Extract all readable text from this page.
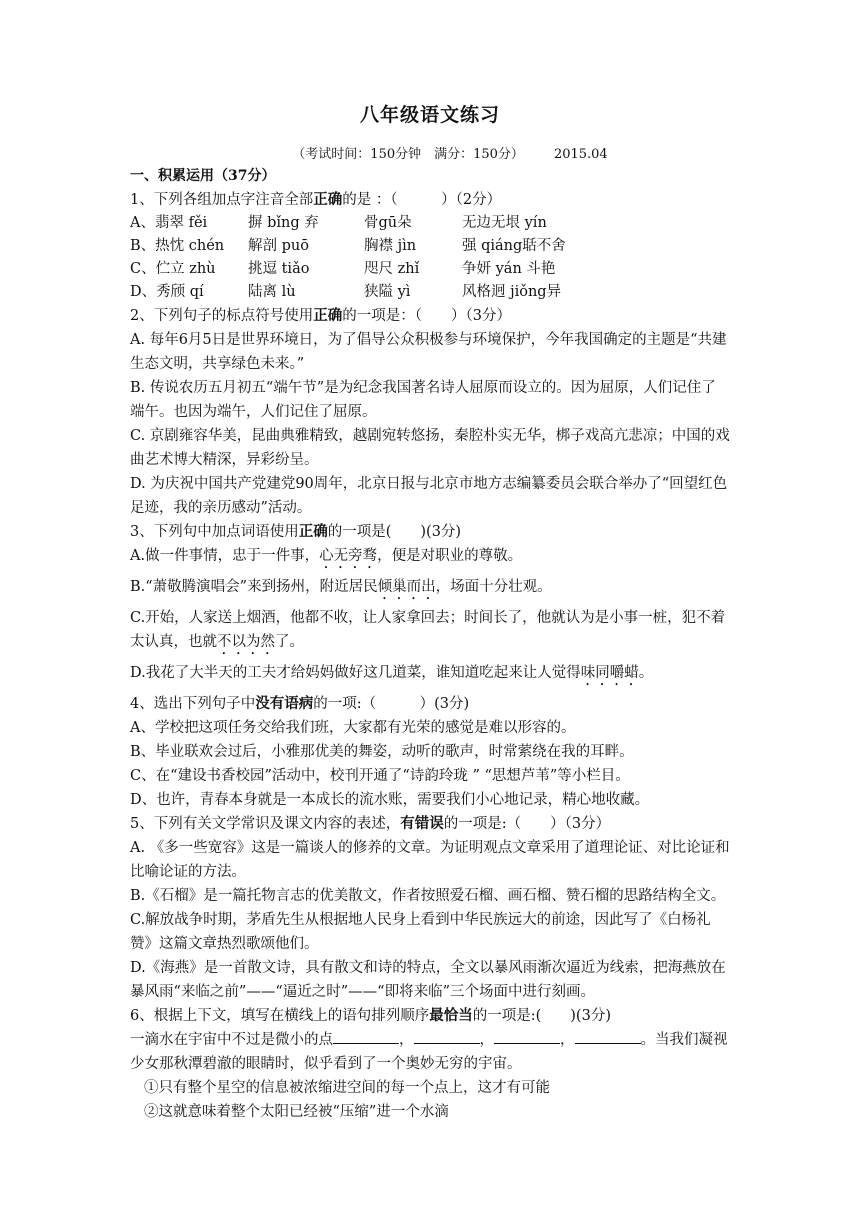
八年级语文练习
（考试时间：150分钟　满分：150分） 2015.04
一、积累运用（37分）
1、下列各组加点字注音全部正确的是 ：（　　　）（2分）
A、翡翠 fěi	摒 bǐng 弃	骨gū朵	无边无垠 yín
B、热忱 chén	解剖 puō	胸襟 jìn	强 qiáng聒不舍
C、伫立 zhù	挑逗 tiǎo	咫尺 zhǐ	争妍 yán 斗艳
D、秀颀 qí	陆离 lù	狭隘 yì	风格迥 jiǒng异
2、下列句子的标点符号使用正确的一项是：（　　）（3分）
A. 每年6月5日是世界环境日，为了倡导公众积极参与环境保护，今年我国确定的主题是“共建生态文明，共享绿色未来。”
B. 传说农历五月初五“端午节”是为纪念我国著名诗人屈原而设立的。因为屈原，人们记住了端午。也因为端午，人们记住了屈原。
C. 京剧雍容华美，昆曲典雅精致，越剧宛转悠扬，秦腔朴实无华，梆子戏高亢悲凉；中国的戏曲艺术博大精深，异彩纷呈。
D. 为庆祝中国共产党建党90周年，北京日报与北京市地方志编纂委员会联合举办了“回望红色足迹，我的亲历感动”活动。
3、下列句中加点词语使用正确的一项是(　　)(3分)
A.做一件事情，忠于一件事，心无旁骛，便是对职业的尊敬。
B.“萧敬腾演唱会”来到扬州，附近居民倾巢而出，场面十分壮观。
C.开始，人家送上烟酒，他都不收，让人家拿回去；时间长了，他就认为是小事一桩，犯不着太认真，也就不以为然了。
D.我花了大半天的工夫才给妈妈做好这几道菜，谁知道吃起来让人觉得味同嚼蜡。
4、选出下列句子中没有语病的一项:（　　　）(3分)
A、学校把这项任务交给我们班，大家都有光荣的感觉是难以形容的。
B、毕业联欢会过后，小雅那优美的舞姿，动听的歌声，时常萦绕在我的耳畔。
C、在“建设书香校园”活动中，校刊开通了“诗韵玲珑 ” “思想芦苇”等小栏目。
D、也许，青春本身就是一本成长的流水账，需要我们小心地记录，精心地收藏。
5、下列有关文学常识及课文内容的表述，有错误的一项是:（　　）（3分）
A. 《多一些宽容》这是一篇谈人的修养的文章。为证明观点文章采用了道理论证、对比论证和比喻论证的方法。
B.《石榴》是一篇托物言志的优美散文，作者按照爱石榴、画石榴、赞石榴的思路结构全文。
C.解放战争时期，茅盾先生从根据地人民身上看到中华民族远大的前途，因此写了《白杨礼赞》这篇文章热烈歌颂他们。
D.《海燕》是一首散文诗，具有散文和诗的特点，全文以暴风雨渐次逼近为线索，把海燕放在暴风雨“来临之前”——“逼近之时”——“即将来临”三个场面中进行刻画。
6、根据上下文，填写在横线上的语句排列顺序最恰当的一项是:(　　)(3分)
一滴水在宇宙中不过是微小的点	，	，	，	。当我们凝视少女那秋潭碧澈的眼睛时，似乎看到了一个奥妙无穷的宇宙。
①只有整个星空的信息被浓缩进空间的每一个点上，这才有可能
②这就意味着整个太阳已经被“压缩”进一个水滴
